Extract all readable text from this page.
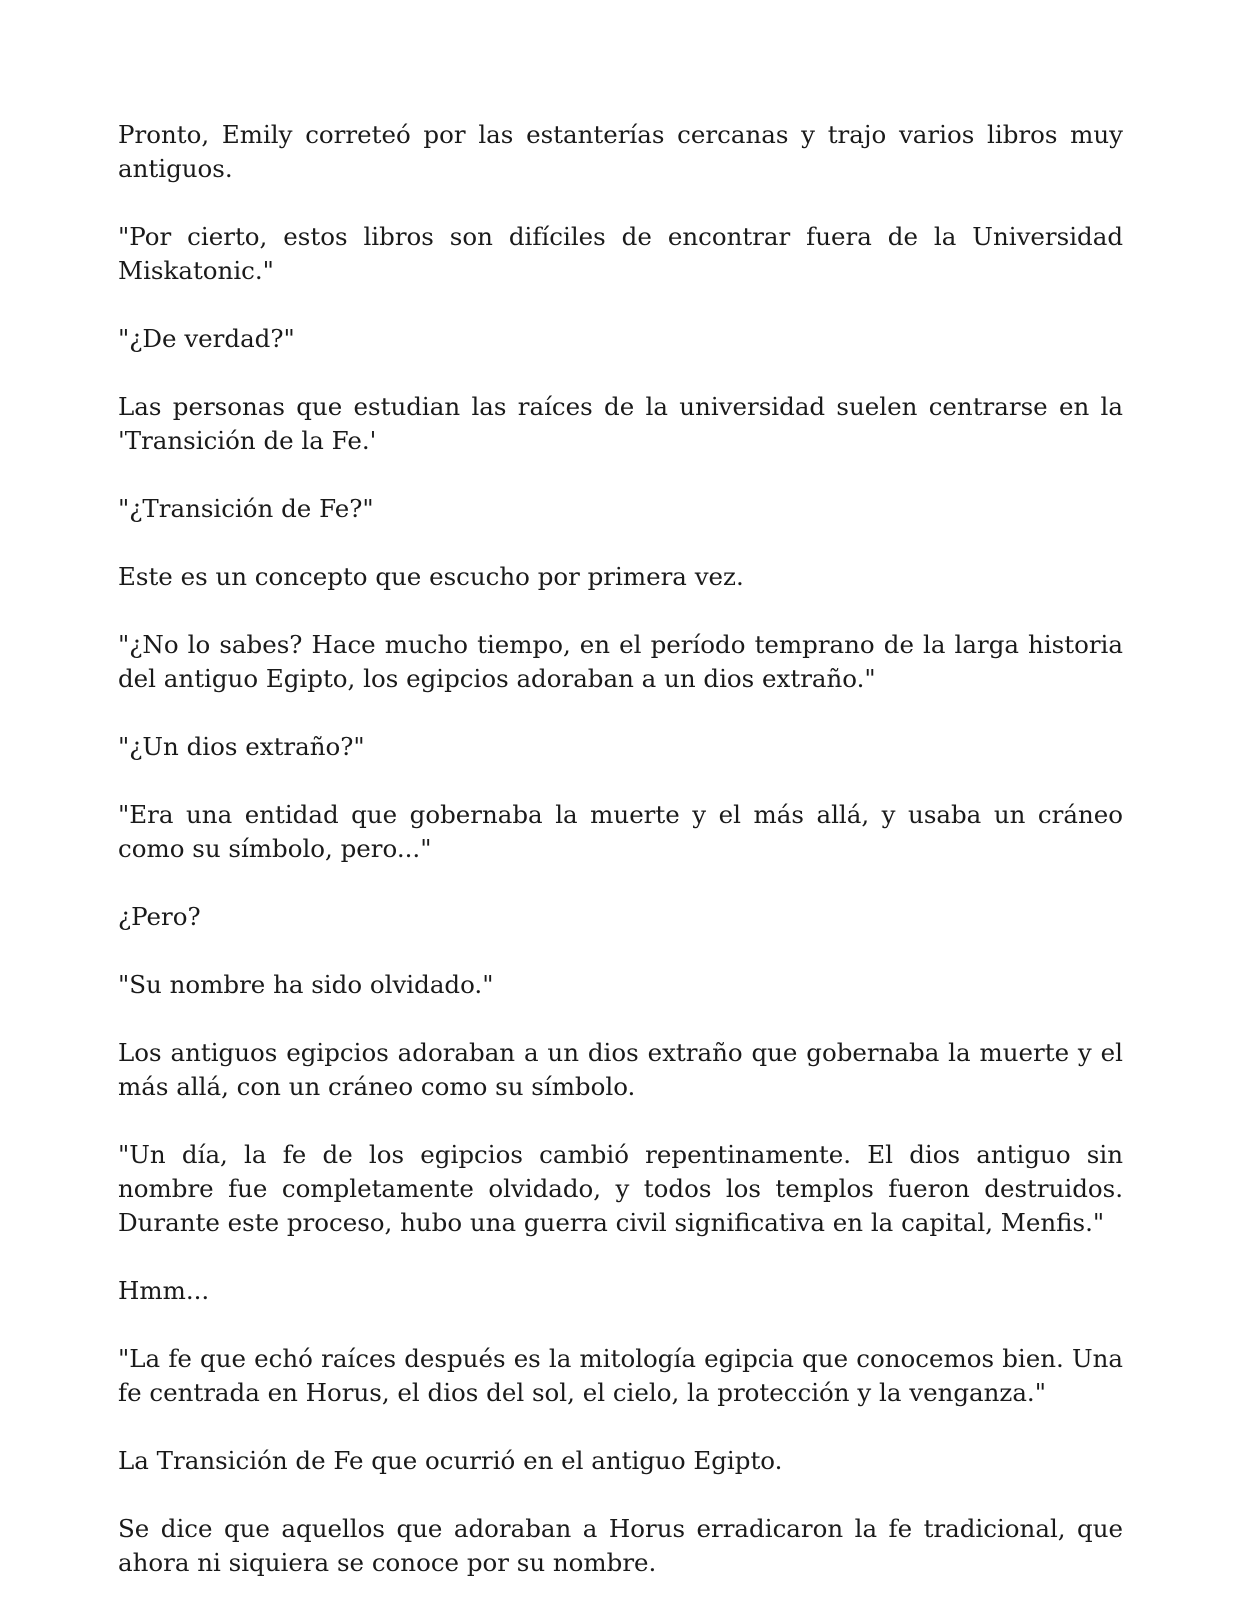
Pronto, Emily correteó por las estanterías cercanas y trajo varios libros muy antiguos.

"Por cierto, estos libros son difíciles de encontrar fuera de la Universidad Miskatonic."

"¿De verdad?"

Las personas que estudian las raíces de la universidad suelen centrarse en la 'Transición de la Fe.'

"¿Transición de Fe?"

Este es un concepto que escucho por primera vez.

"¿No lo sabes? Hace mucho tiempo, en el período temprano de la larga historia del antiguo Egipto, los egipcios adoraban a un dios extraño."

"¿Un dios extraño?"

"Era una entidad que gobernaba la muerte y el más allá, y usaba un cráneo como su símbolo, pero..."

¿Pero?

"Su nombre ha sido olvidado."

Los antiguos egipcios adoraban a un dios extraño que gobernaba la muerte y el más allá, con un cráneo como su símbolo.

"Un día, la fe de los egipcios cambió repentinamente. El dios antiguo sin nombre fue completamente olvidado, y todos los templos fueron destruidos. Durante este proceso, hubo una guerra civil significativa en la capital, Menfis."

Hmm...

"La fe que echó raíces después es la mitología egipcia que conocemos bien. Una fe centrada en Horus, el dios del sol, el cielo, la protección y la venganza."

La Transición de Fe que ocurrió en el antiguo Egipto.

Se dice que aquellos que adoraban a Horus erradicaron la fe tradicional, que ahora ni siquiera se conoce por su nombre.
